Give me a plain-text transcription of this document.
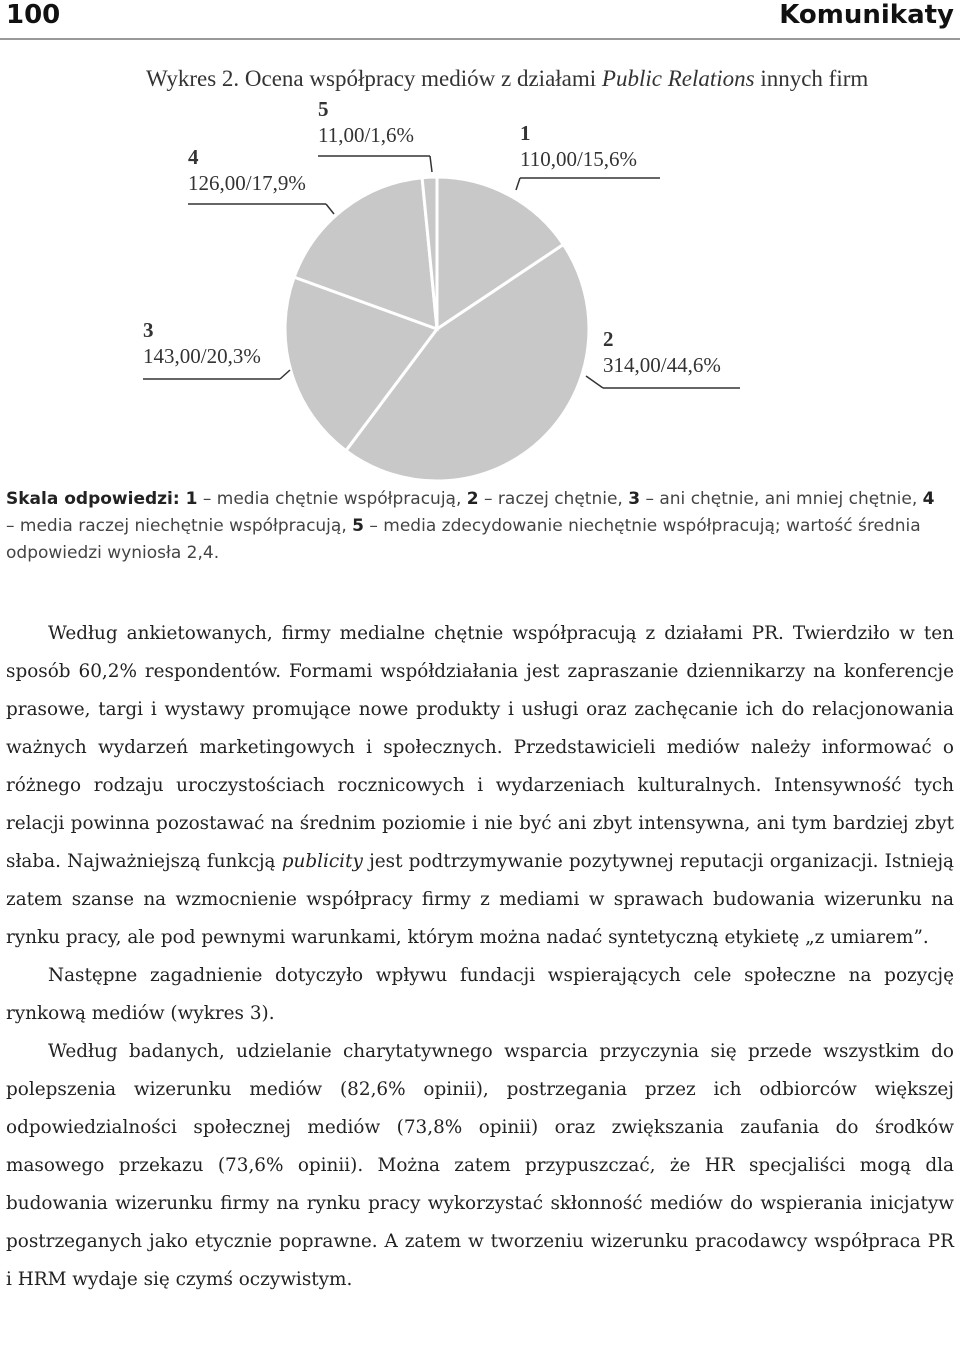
100	Komunikaty
Wykres 2. Ocena współpracy mediów z działami Public Relations innych firm
1
110,00/15,6%
2
314,00/44,6%
3
143,00/20,3%
4
126,00/17,9%
5
11,00/1,6%
Skala odpowiedzi: 1 – media chętnie współpracują, 2 – raczej chętnie, 3 – ani chętnie, ani mniej chętnie, 4 – media raczej niechętnie współpracują, 5 – media zdecydowanie niechętnie współpracują; wartość średnia odpowiedzi wyniosła 2,4.

Według ankietowanych, firmy medialne chętnie współpracują z działami PR. Twierdziło w ten sposób 60,2% respondentów. Formami współdziałania jest zapraszanie dziennikarzy na konferencje prasowe, targi i wystawy promujące nowe produkty i usługi oraz zachęcanie ich do relacjonowania ważnych wydarzeń marketingowych i społecznych. Przedstawicieli mediów należy informować o różnego rodzaju uroczystościach rocznicowych i wydarzeniach kulturalnych. Intensywność tych relacji powinna pozostawać na średnim poziomie i nie być ani zbyt intensywna, ani tym bardziej zbyt słaba. Najważniejszą funkcją publicity jest podtrzymywanie pozytywnej reputacji organizacji. Istnieją zatem szanse na wzmocnienie współpracy firmy z mediami w sprawach budowania wizerunku na rynku pracy, ale pod pewnymi warunkami, którym można nadać syntetyczną etykietę „z umiarem”.

Następne zagadnienie dotyczyło wpływu fundacji wspierających cele społeczne na pozycję rynkową mediów (wykres 3).

Według badanych, udzielanie charytatywnego wsparcia przyczynia się przede wszystkim do polepszenia wizerunku mediów (82,6% opinii), postrzegania przez ich odbiorców większej odpowiedzialności społecznej mediów (73,8% opinii) oraz zwiększania zaufania do środków masowego przekazu (73,6% opinii). Można zatem przypuszczać, że HR specjaliści mogą dla budowania wizerunku firmy na rynku pracy wykorzystać skłonność mediów do wspierania inicjatyw postrzeganych jako etycznie poprawne. A zatem w tworzeniu wizerunku pracodawcy współpraca PR i HRM wydaje się czymś oczywistym.
